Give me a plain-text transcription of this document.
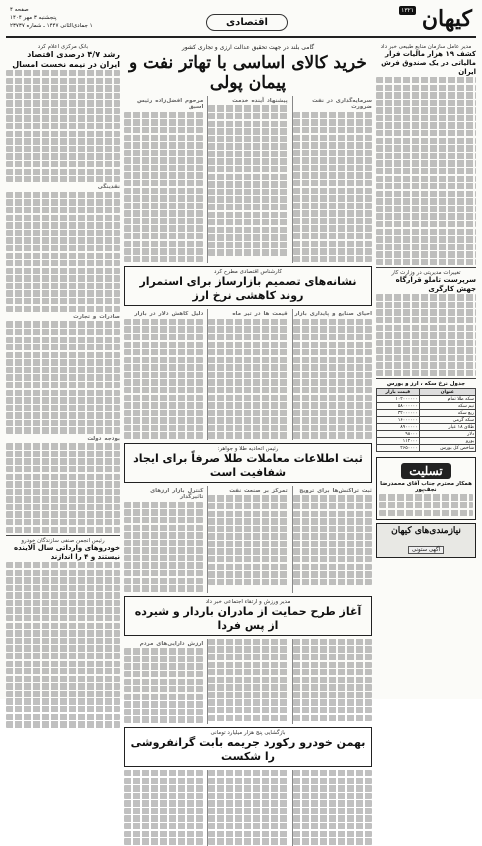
کیهان
۱۳۲۱
اقتصادی
صفحه ۴
پنجشنبه ۳ مهر ۱۴۰۴
۱ جمادی‌الثانی ۱۴۴۷ ـ شماره ۲۳۷۳۷
مدیر عامل سازمان منابع طبیعی خبر داد
کشف ۱۹ هزار مالیات فرار مالیاتی در یک صندوق فرش ایران
تغییرات مدیریتی در وزارت کار
سرپرست تاملو قرارگاه جهش کارگری
جدول نرخ سکه ، ارز و بورس
عنوان	قیمت بازار
سکه طلا تمام	۱۰۲۰۰۰۰۰۰
نیم سکه	۵۸۰۰۰۰۰۰
ربع سکه	۳۲۰۰۰۰۰۰
سکه گرمی	۱۶۰۰۰۰۰۰
طلای ۱۸ عیار	۸۹۰۰۰۰۰
دلار	۹۸۰۰۰
یورو	۱۱۲۰۰۰
شاخص کل بورس	۲۶۵۰۰۰۰
تسلیت
همکار محترم جناب آقای محمدرضا نجف‌پور
نیازمندی‌های کیهان
آگهی ستونی
گامی بلند در جهت تحقیق عدالت ارزی و تجاری کشور
خرید کالای اساسی با تهاتر نفت و پیمان پولی
مرحوم افضل‌زاده رئیس اسبق
پیشنهاد آینده خدمت	سرمایه‌گذاری در نفت ضرورت
کارشناس اقتصادی مطرح کرد
نشانه‌های تصمیم بازارساز برای استمرار روند کاهشی نرخ ارز
دلیل کاهش دلار در بازار	قیمت ها در تیر ماه	احیای صنایع و پایداری بازار
رئیس اتحادیه طلا و جواهر:
ثبت اطلاعات معاملات طلا صرفاً برای ایجاد شفافیت است
کنترل بازار ارزهای تاثیرگذار
تمرکز بر صنعت نفت	ثبت تراکنش‌ها برای ترویج
مدیر ورزش و ارتقاء اجتماعی خبر داد
آغاز طرح حمایت از مادران باردار و شیرده از پس فردا
ارزش دارایی‌های مردم
بازگشایی پنج هزار میلیارد تومانی
بهمن خودرو رکورد جریمه بابت گرانفروشی را شکست
بانک مرکزی اعلام کرد
رشد ۴/۷ درصدی اقتصاد ایران در نیمه نخست امسال
نقدینگی
صادرات و تجارت
بودجه دولت
رئیس انجمن صنفی سازندگان خودرو
خودروهای وارداتی سال آلاینده نیستند و ۴ را اندازند
